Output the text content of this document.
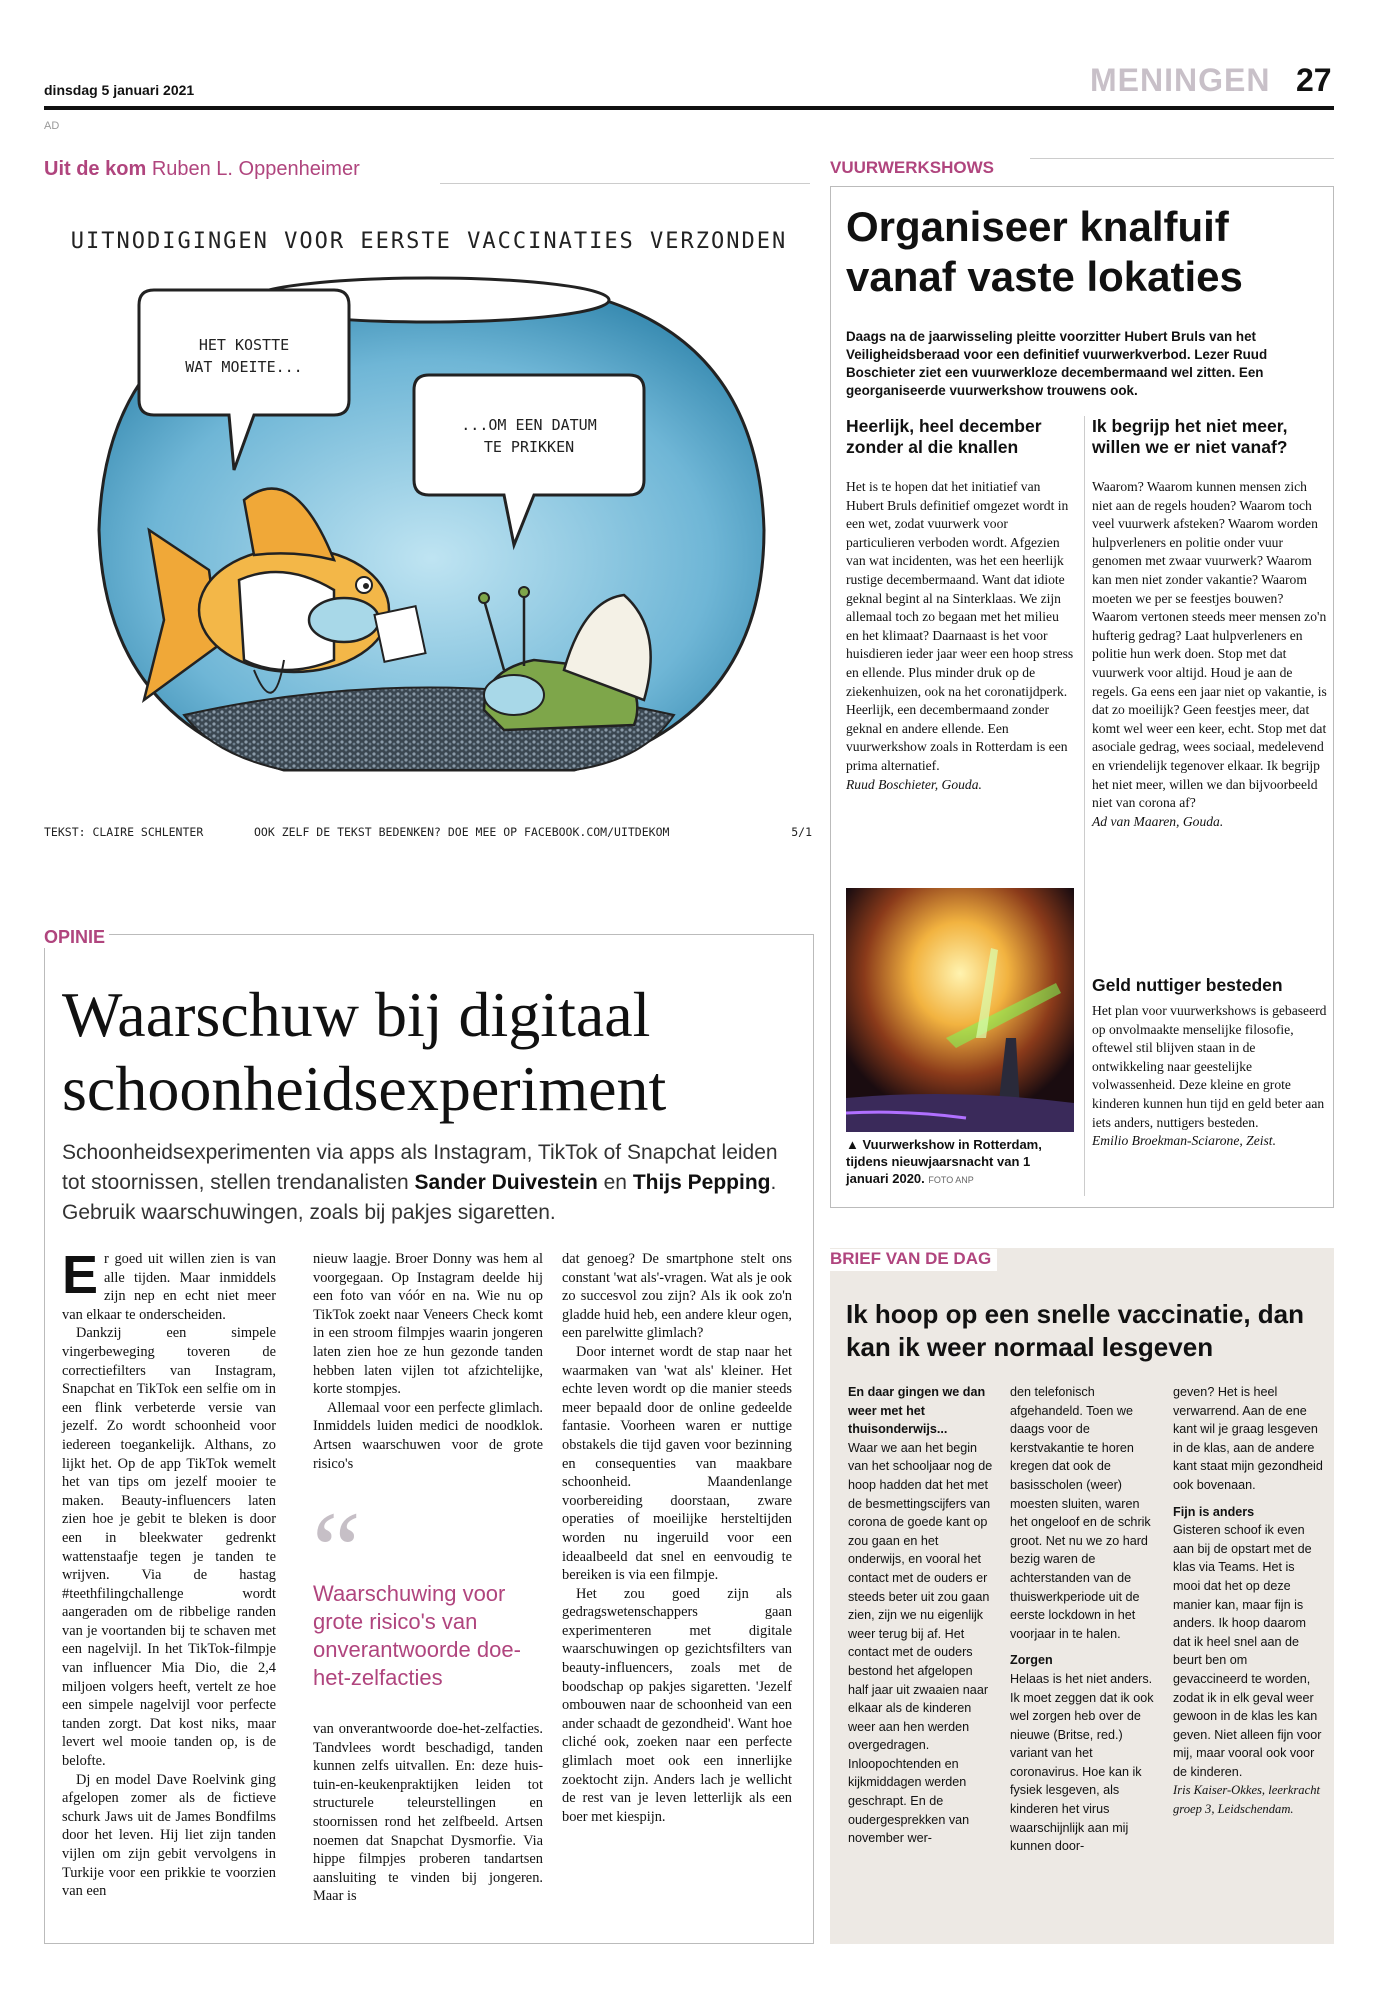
dinsdag 5 januari 2021	MENINGEN 27
AD
Uit de kom Ruben L. Oppenheimer
UITNODIGINGEN VOOR EERSTE VACCINATIES VERZONDEN
HET KOSTTE
WAT MOEITE...
...OM EEN DATUM
TE PRIKKEN
TEKST: CLAIRE SCHLENTER	OOK ZELF DE TEKST BEDENKEN? DOE MEE OP FACEBOOK.COM/UITDEKOM	5/1
OPINIE
Waarschuw bij digitaal schoonheidsexperiment
Schoonheidsexperimenten via apps als Instagram, TikTok of Snapchat leiden tot stoornissen, stellen trendanalisten Sander Duivestein en Thijs Pepping. Gebruik waarschuwingen, zoals bij pakjes sigaretten.

Er goed uit willen zien is van alle tijden. Maar inmiddels zijn nep en echt niet meer van elkaar te onderscheiden.

Dankzij een simpele vingerbeweging toveren de correctiefilters van Instagram, Snapchat en TikTok een selfie om in een flink verbeterde versie van jezelf. Zo wordt schoonheid voor iedereen toegankelijk. Althans, zo lijkt het. Op de app TikTok wemelt het van tips om jezelf mooier te maken. Beauty-influencers laten zien hoe je gebit te bleken is door een in bleekwater gedrenkt wattenstaafje tegen je tanden te wrijven. Via de hastag #teethfilingchallenge wordt aangeraden om de ribbelige randen van je voortanden bij te schaven met een nagelvijl. In het TikTok-filmpje van influencer Mia Dio, die 2,4 miljoen volgers heeft, vertelt ze hoe een simpele nagelvijl voor perfecte tanden zorgt. Dat kost niks, maar levert wel mooie tanden op, is de belofte.

Dj en model Dave Roelvink ging afgelopen zomer als de fictieve schurk Jaws uit de James Bondfilms door het leven. Hij liet zijn tanden vijlen om zijn gebit vervolgens in Turkije voor een prikkie te voorzien van een

nieuw laagje. Broer Donny was hem al voorgegaan. Op Instagram deelde hij een foto van vóór en na. Wie nu op TikTok zoekt naar Veneers Check komt in een stroom filmpjes waarin jongeren laten zien hoe ze hun gezonde tanden hebben laten vijlen tot afzichtelijke, korte stompjes.

Allemaal voor een perfecte glimlach. Inmiddels luiden medici de noodklok. Artsen waarschuwen voor de grote risico's

“
Waarschuwing voor grote risico's van onverantwoorde doe-het-zelfacties

van onverantwoorde doe-het-zelfacties. Tandvlees wordt beschadigd, tanden kunnen zelfs uitvallen. En: deze huis-tuin-en-keukenpraktijken leiden tot structurele teleurstellingen en stoornissen rond het zelfbeeld. Artsen noemen dat Snapchat Dysmorfie. Via hippe filmpjes proberen tandartsen aansluiting te vinden bij jongeren. Maar is

dat genoeg? De smartphone stelt ons constant 'wat als'-vragen. Wat als je ook zo succesvol zou zijn? Als ik ook zo'n gladde huid heb, een andere kleur ogen, een parelwitte glimlach?

Door internet wordt de stap naar het waarmaken van 'wat als' kleiner. Het echte leven wordt op die manier steeds meer bepaald door de online gedeelde fantasie. Voorheen waren er nuttige obstakels die tijd gaven voor bezinning en consequenties van maakbare schoonheid. Maandenlange voorbereiding doorstaan, zware operaties of moeilijke hersteltijden worden nu ingeruild voor een ideaalbeeld dat snel en eenvoudig te bereiken is via een filmpje.

Het zou goed zijn als gedragswetenschappers gaan experimenteren met digitale waarschuwingen op gezichtsfilters van beauty-influencers, zoals met de boodschap op pakjes sigaretten. 'Jezelf ombouwen naar de schoonheid van een ander schaadt de gezondheid'. Want hoe cliché ook, zoeken naar een perfecte glimlach moet ook een innerlijke zoektocht zijn. Anders lach je wellicht de rest van je leven letterlijk als een boer met kiespijn.

VUURWERKSHOWS
Organiseer knalfuif vanaf vaste lokaties
Daags na de jaarwisseling pleitte voorzitter Hubert Bruls van het Veiligheidsberaad voor een definitief vuurwerkverbod. Lezer Ruud Boschieter ziet een vuurwerkloze decembermaand wel zitten. Een georganiseerde vuurwerkshow trouwens ook.
Heerlijk, heel december zonder al die knallen
Ik begrijp het niet meer, willen we er niet vanaf?

Het is te hopen dat het initiatief van Hubert Bruls definitief omgezet wordt in een wet, zodat vuurwerk voor particulieren verboden wordt. Afgezien van wat incidenten, was het een heerlijk rustige decembermaand. Want dat idiote geknal begint al na Sinterklaas. We zijn allemaal toch zo begaan met het milieu en het klimaat? Daarnaast is het voor huisdieren ieder jaar weer een hoop stress en ellende. Plus minder druk op de ziekenhuizen, ook na het coronatijdperk. Heerlijk, een decembermaand zonder geknal en andere ellende. Een vuurwerkshow zoals in Rotterdam is een prima alternatief.

Ruud Boschieter, Gouda.

▲ Vuurwerkshow in Rotterdam, tijdens nieuwjaarsnacht van 1 januari 2020. FOTO ANP

Waarom? Waarom kunnen mensen zich niet aan de regels houden? Waarom toch veel vuurwerk afsteken? Waarom worden hulpverleners en politie onder vuur genomen met zwaar vuurwerk? Waarom kan men niet zonder vakantie? Waarom moeten we per se feestjes bouwen? Waarom vertonen steeds meer mensen zo'n hufterig gedrag? Laat hulpverleners en politie hun werk doen. Stop met dat vuurwerk voor altijd. Houd je aan de regels. Ga eens een jaar niet op vakantie, is dat zo moeilijk? Geen feestjes meer, dat komt wel weer een keer, echt. Stop met dat asociale gedrag, wees sociaal, medelevend en vriendelijk tegenover elkaar. Ik begrijp het niet meer, willen we dan bijvoorbeeld niet van corona af?

Ad van Maaren, Gouda.

Geld nuttiger besteden

Het plan voor vuurwerkshows is gebaseerd op onvolmaakte menselijke filosofie, oftewel stil blijven staan in de ontwikkeling naar geestelijke volwassenheid. Deze kleine en grote kinderen kunnen hun tijd en geld beter aan iets anders, nuttigers besteden.

Emilio Broekman-Sciarone, Zeist.

BRIEF VAN DE DAG
Ik hoop op een snelle vaccinatie, dan kan ik weer normaal lesgeven

En daar gingen we dan weer met het thuisonderwijs...

Waar we aan het begin van het schooljaar nog de hoop hadden dat het met de besmettingscijfers van corona de goede kant op zou gaan en het onderwijs, en vooral het contact met de ouders er steeds beter uit zou gaan zien, zijn we nu eigenlijk weer terug bij af. Het contact met de ouders bestond het afgelopen half jaar uit zwaaien naar elkaar als de kinderen weer aan hen werden overgedragen. Inloopochtenden en kijkmiddagen werden geschrapt. En de oudergesprekken van november wer-

den telefonisch afgehandeld. Toen we daags voor de kerstvakantie te horen kregen dat ook de basisscholen (weer) moesten sluiten, waren het ongeloof en de schrik groot. Net nu we zo hard bezig waren de achterstanden van de thuiswerkperiode uit de eerste lockdown in het voorjaar in te halen.

Zorgen

Helaas is het niet anders. Ik moet zeggen dat ik ook wel zorgen heb over de nieuwe (Britse, red.) variant van het coronavirus. Hoe kan ik fysiek lesgeven, als kinderen het virus waarschijnlijk aan mij kunnen door-

geven? Het is heel verwarrend. Aan de ene kant wil je graag lesgeven in de klas, aan de andere kant staat mijn gezondheid ook bovenaan.

Fijn is anders

Gisteren schoof ik even aan bij de opstart met de klas via Teams. Het is mooi dat het op deze manier kan, maar fijn is anders. Ik hoop daarom dat ik heel snel aan de beurt ben om gevaccineerd te worden, zodat ik in elk geval weer gewoon in de klas les kan geven. Niet alleen fijn voor mij, maar vooral ook voor de kinderen.

Iris Kaiser-Okkes, leerkracht groep 3, Leidschendam.
